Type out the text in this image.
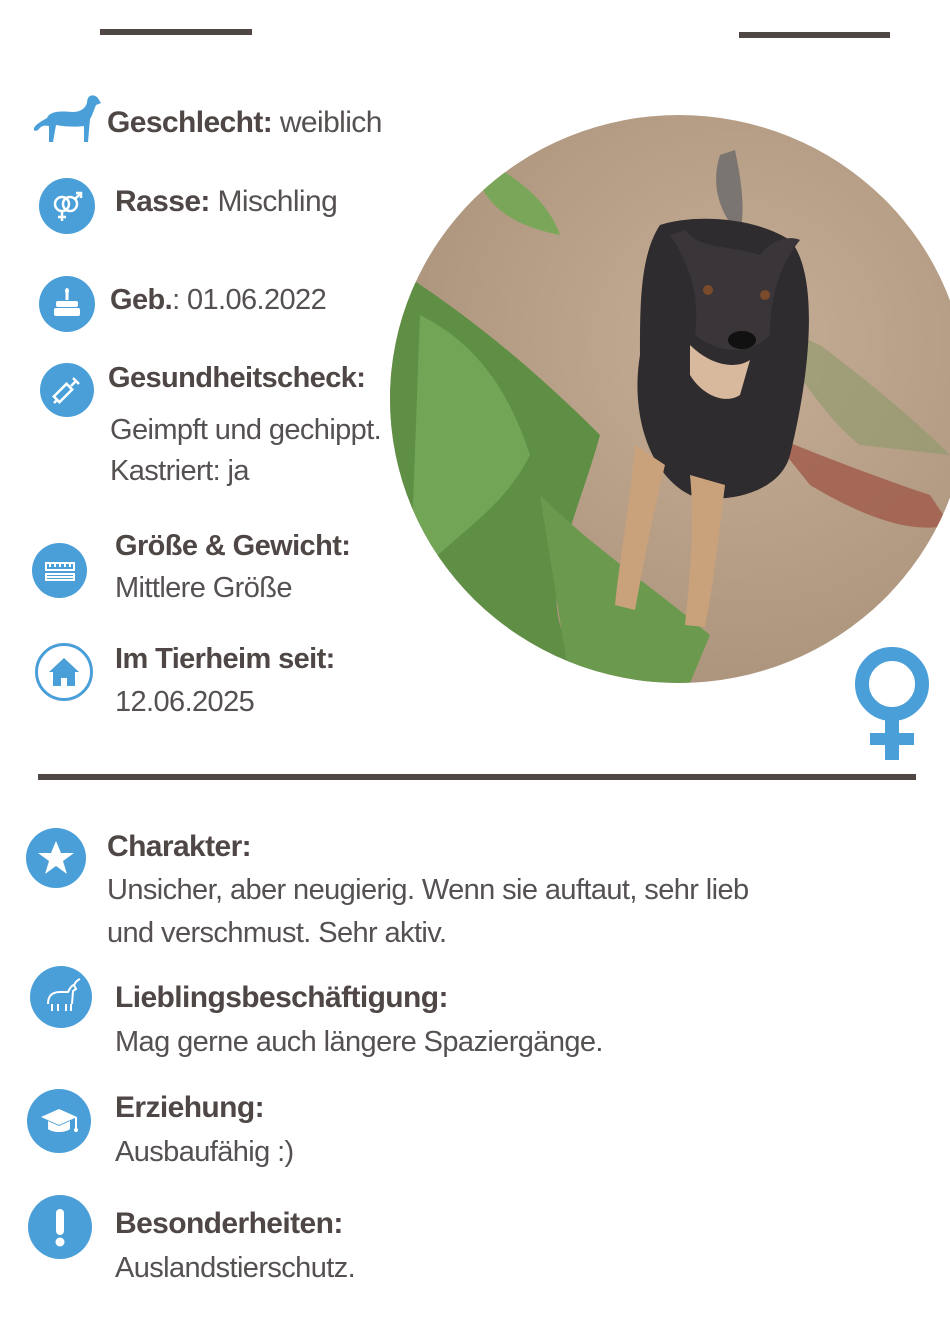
Geschlecht: weiblich
Rasse: Mischling
Geb.: 01.06.2022
Gesundheitscheck:
Geimpft und gechippt.
Kastriert: ja
Größe & Gewicht:
Mittlere Größe
Im Tierheim seit:
12.06.2025
Charakter:
Unsicher, aber neugierig. Wenn sie auftaut, sehr lieb
und verschmust. Sehr aktiv.
Lieblingsbeschäftigung:
Mag gerne auch längere Spaziergänge.
Erziehung:
Ausbaufähig :)
Besonderheiten:
Auslandstierschutz.
